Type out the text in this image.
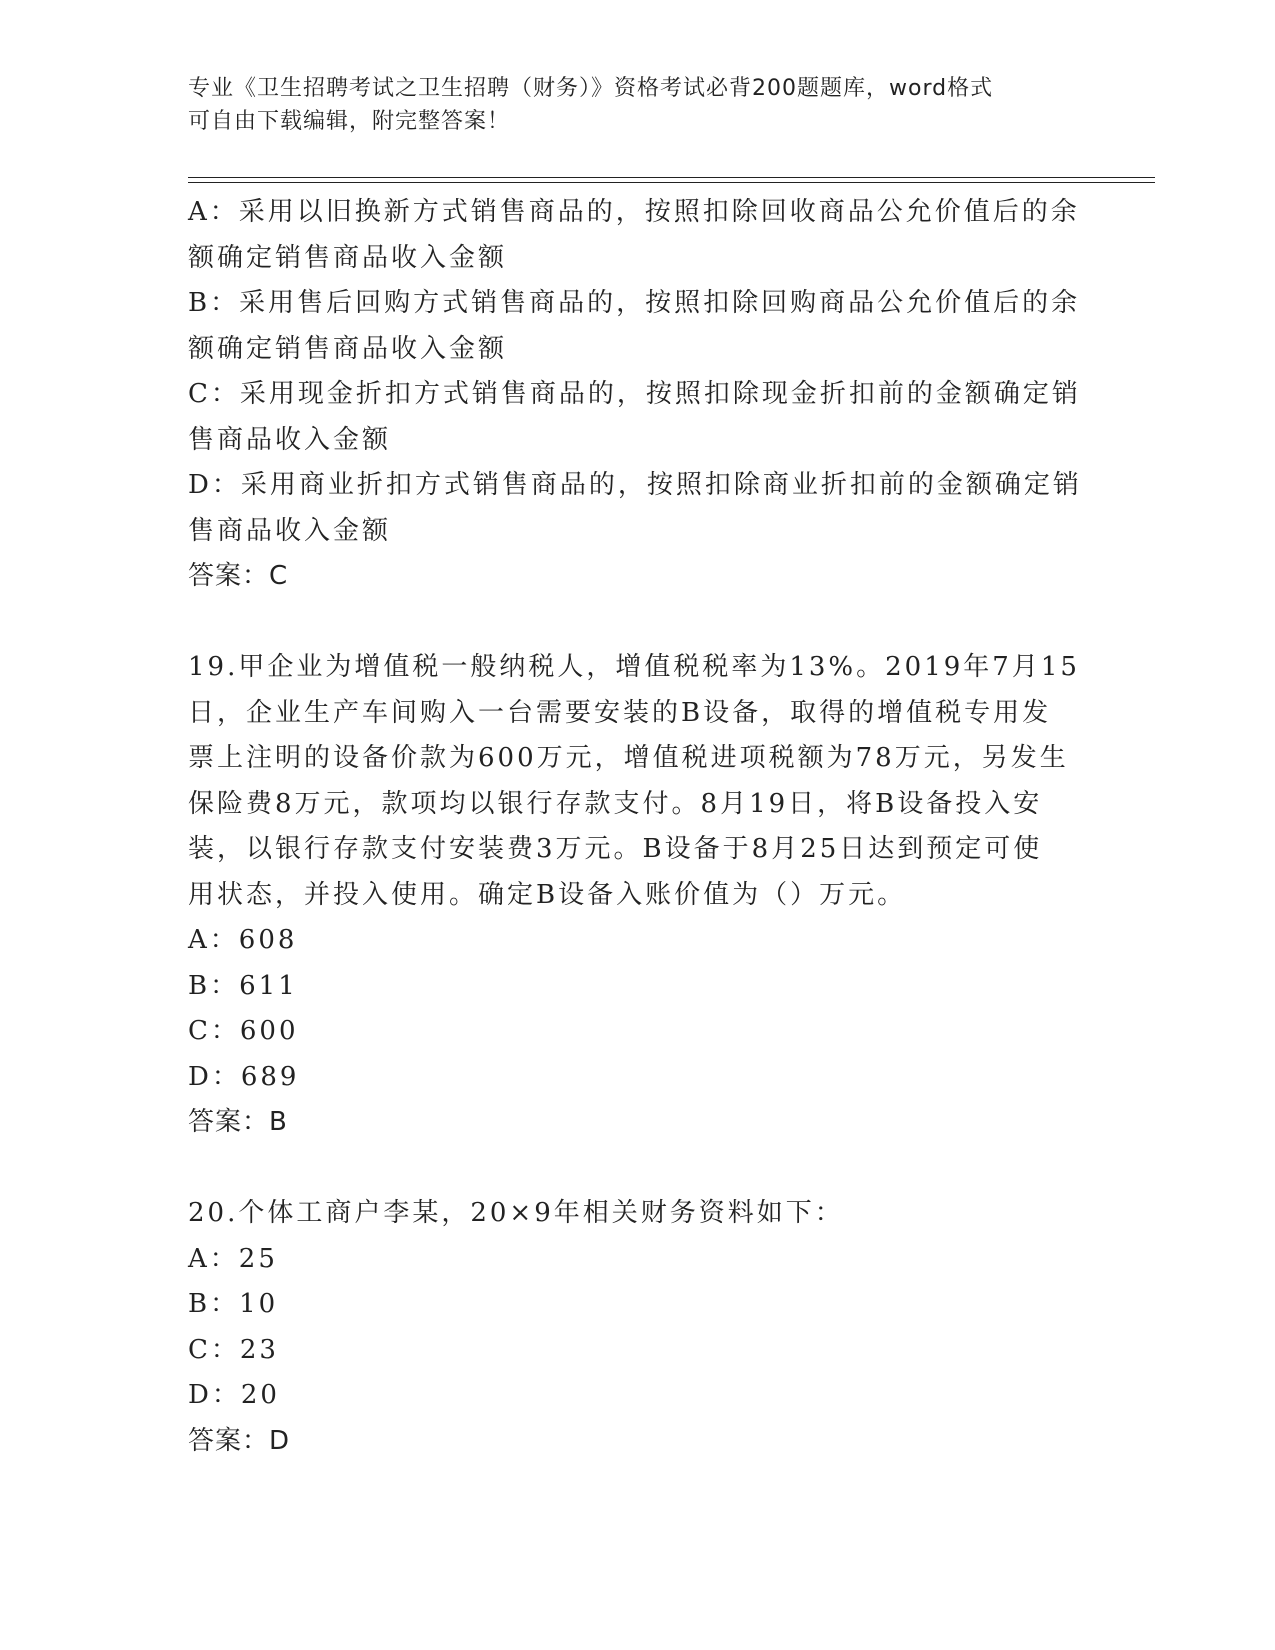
专业《卫生招聘考试之卫生招聘（财务）》资格考试必背200题题库，word格式
可自由下载编辑，附完整答案！
A：采用以旧换新方式销售商品的，按照扣除回收商品公允价值后的余
额确定销售商品收入金额
B：采用售后回购方式销售商品的，按照扣除回购商品公允价值后的余
额确定销售商品收入金额
C：采用现金折扣方式销售商品的，按照扣除现金折扣前的金额确定销
售商品收入金额
D：采用商业折扣方式销售商品的，按照扣除商业折扣前的金额确定销
售商品收入金额
答案：C
19.甲企业为增值税一般纳税人，增值税税率为13%。2019年7月15
日，企业生产车间购入一台需要安装的B设备，取得的增值税专用发
票上注明的设备价款为600万元，增值税进项税额为78万元，另发生
保险费8万元，款项均以银行存款支付。8月19日，将B设备投入安
装，以银行存款支付安装费3万元。B设备于8月25日达到预定可使
用状态，并投入使用。确定B设备入账价值为（）万元。
A：608
B：611
C：600
D：689
答案：B
20.个体工商户李某，20×9年相关财务资料如下：
A：25
B：10
C：23
D：20
答案：D
